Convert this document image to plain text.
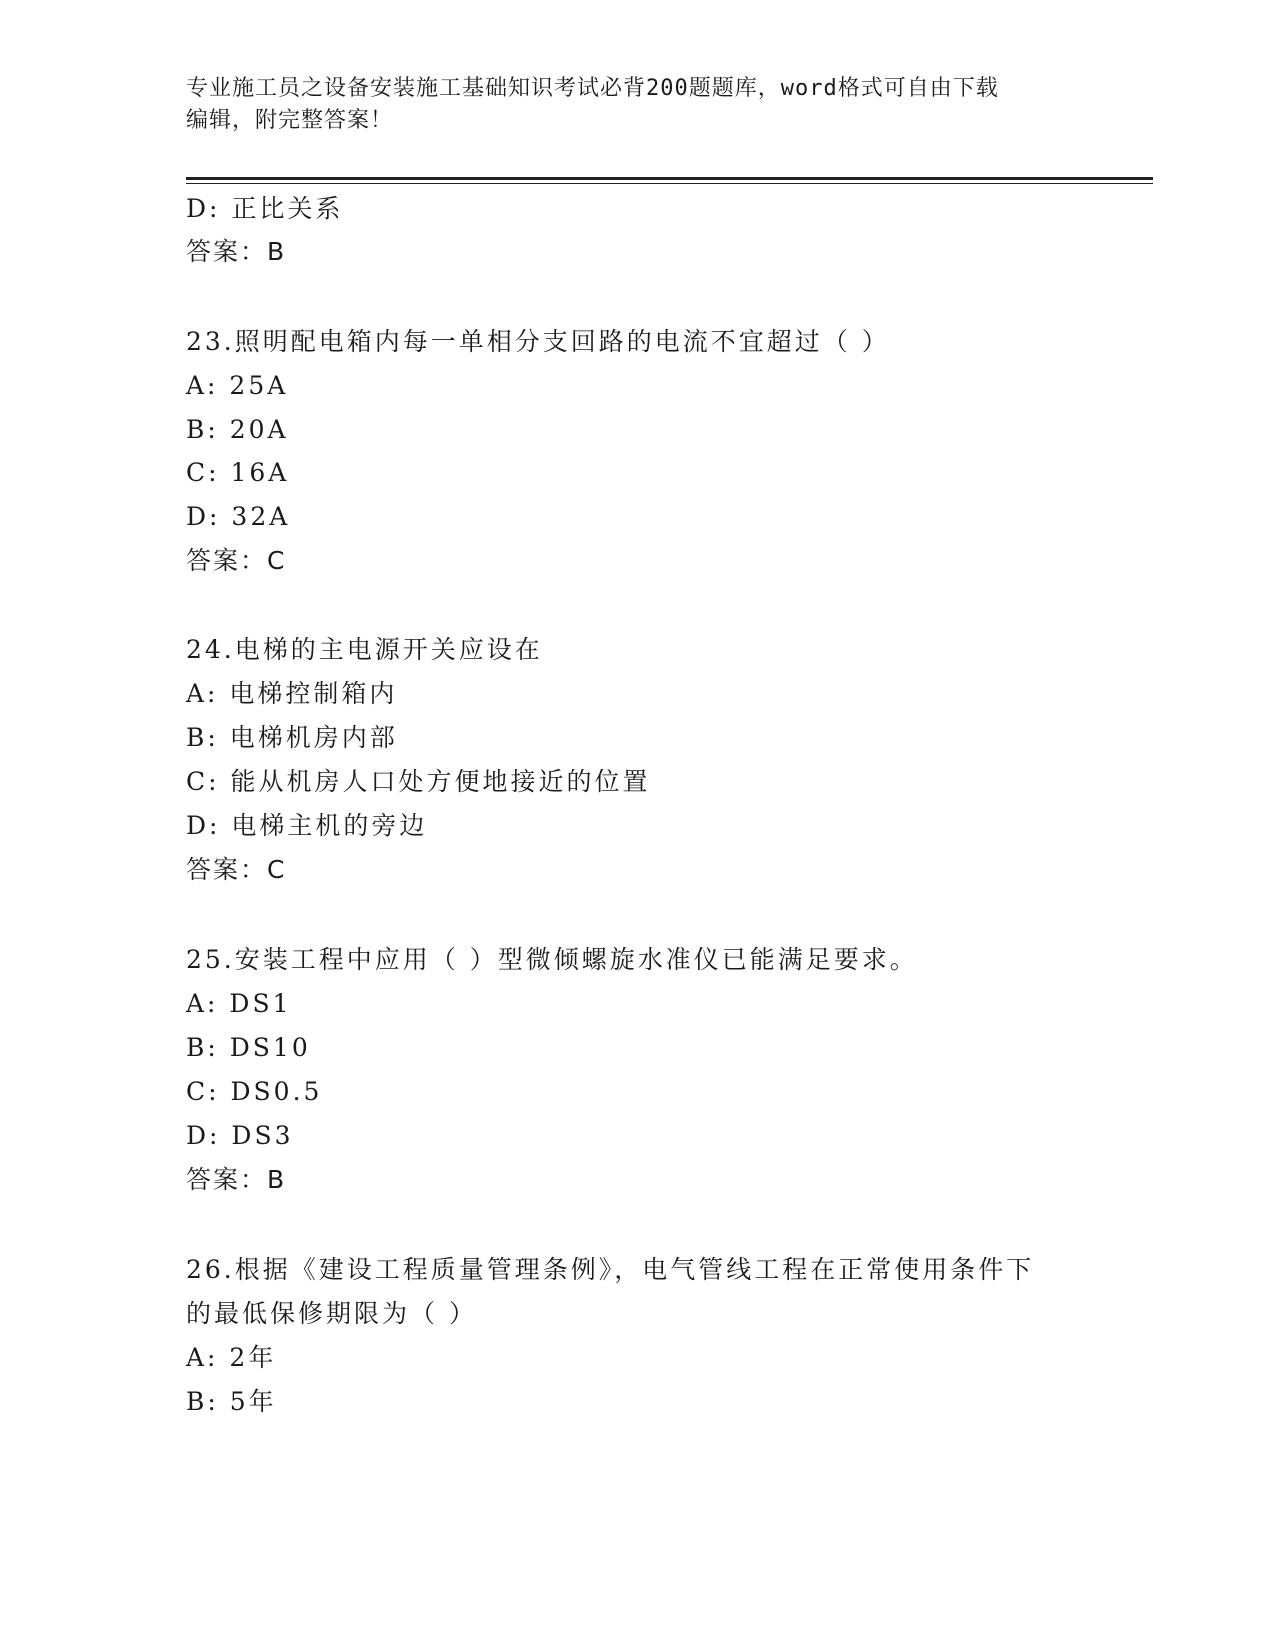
专业施工员之设备安装施工基础知识考试必背200题题库，word格式可自由下载
编辑，附完整答案！
D: 正比关系
答案：B
23.照明配电箱内每一单相分支回路的电流不宜超过（ ）
A: 25A
B: 20A
C: 16A
D: 32A
答案：C
24.电梯的主电源开关应设在
A: 电梯控制箱内
B: 电梯机房内部
C: 能从机房人口处方便地接近的位置
D: 电梯主机的旁边
答案：C
25.安装工程中应用（ ）型微倾螺旋水准仪已能满足要求。
A: DS1
B: DS10
C: DS0.5
D: DS3
答案：B
26.根据《建设工程质量管理条例》，电气管线工程在正常使用条件下
的最低保修期限为（ ）
A: 2年
B: 5年
